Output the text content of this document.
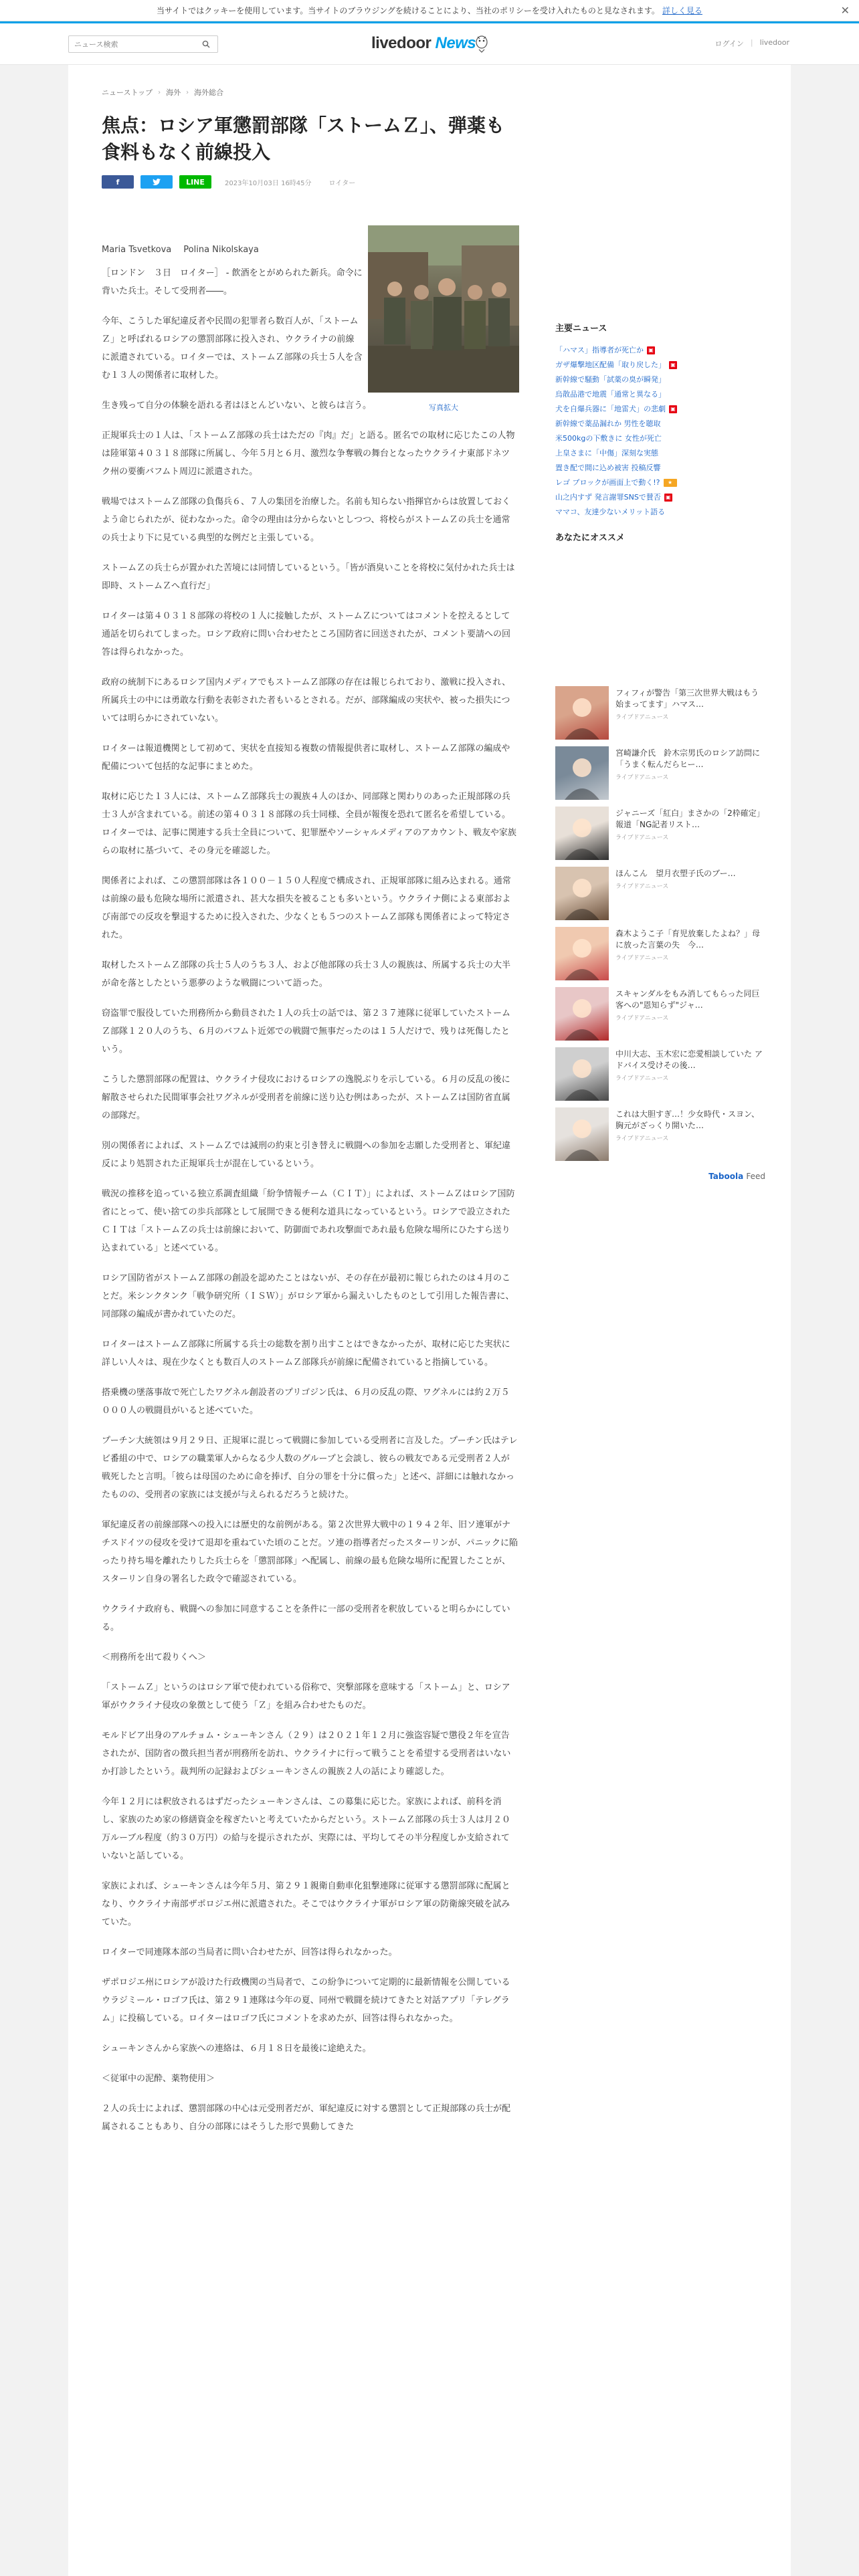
当サイトではクッキーを使用しています。当サイトのブラウジングを続けることにより、当社のポリシーを受け入れたものと見なされます。 詳しく見る	✕
ニュース検索
livedoor News	ログイン | livedoor
ニューストップ › 海外 › 海外総合
焦点：ロシア軍懲罰部隊「ストームＺ」、弾薬も食料もなく前線投入
f	LINE	2023年10月03日 16時45分	ロイター
Maria Tsvetkova Polina Nikolskaya
写真拡大

［ロンドン　３日　ロイター］ - 飲酒をとがめられた新兵。命令に背いた兵士。そして受刑者――。

今年、こうした軍紀違反者や民間の犯罪者ら数百人が、「ストームＺ」と呼ばれるロシアの懲罰部隊に投入され、ウクライナの前線に派遣されている。ロイターでは、ストームＺ部隊の兵士５人を含む１３人の関係者に取材した。

生き残って自分の体験を語れる者はほとんどいない、と彼らは言う。

正規軍兵士の１人は、「ストームＺ部隊の兵士はただの『肉』だ」と語る。匿名での取材に応じたこの人物は陸軍第４０３１８部隊に所属し、今年５月と６月、激烈な争奪戦の舞台となったウクライナ東部ドネツク州の要衝バフムト周辺に派遣された。

戦場ではストームＺ部隊の負傷兵６、７人の集団を治療した。名前も知らない指揮官からは放置しておくよう命じられたが、従わなかった。命令の理由は分からないとしつつ、将校らがストームＺの兵士を通常の兵士より下に見ている典型的な例だと主張している。

ストームＺの兵士らが置かれた苦境には同情しているという。「皆が酒臭いことを将校に気付かれた兵士は即時、ストームＺへ直行だ」

ロイターは第４０３１８部隊の将校の１人に接触したが、ストームＺについてはコメントを控えるとして通話を切られてしまった。ロシア政府に問い合わせたところ国防省に回送されたが、コメント要請への回答は得られなかった。

政府の統制下にあるロシア国内メディアでもストームＺ部隊の存在は報じられており、激戦に投入され、所属兵士の中には勇敢な行動を表彰された者もいるとされる。だが、部隊編成の実状や、被った損失については明らかにされていない。

ロイターは報道機関として初めて、実状を直接知る複数の情報提供者に取材し、ストームＺ部隊の編成や配備について包括的な記事にまとめた。

取材に応じた１３人には、ストームＺ部隊兵士の親族４人のほか、同部隊と関わりのあった正規部隊の兵士３人が含まれている。前述の第４０３１８部隊の兵士同様、全員が報復を恐れて匿名を希望している。ロイターでは、記事に関連する兵士全員について、犯罪歴やソーシャルメディアのアカウント、戦友や家族らの取材に基づいて、その身元を確認した。

関係者によれば、この懲罰部隊は各１００－１５０人程度で構成され、正規軍部隊に組み込まれる。通常は前線の最も危険な場所に派遣され、甚大な損失を被ることも多いという。ウクライナ側による東部および南部での反攻を撃退するために投入された、少なくとも５つのストームＺ部隊も関係者によって特定された。

取材したストームＺ部隊の兵士５人のうち３人、および他部隊の兵士３人の親族は、所属する兵士の大半が命を落としたという悪夢のような戦闘について語った。

窃盗罪で服役していた刑務所から動員された１人の兵士の話では、第２３７連隊に従軍していたストームＺ部隊１２０人のうち、６月のバフムト近郊での戦闘で無事だったのは１５人だけで、残りは死傷したという。

こうした懲罰部隊の配置は、ウクライナ侵攻におけるロシアの逸脱ぶりを示している。６月の反乱の後に解散させられた民間軍事会社ワグネルが受刑者を前線に送り込む例はあったが、ストームＺは国防省直属の部隊だ。

別の関係者によれば、ストームＺでは減刑の約束と引き替えに戦闘への参加を志願した受刑者と、軍紀違反により処罰された正規軍兵士が混在しているという。

戦況の推移を追っている独立系調査組織「紛争情報チーム（ＣＩＴ）」によれば、ストームＺはロシア国防省にとって、使い捨ての歩兵部隊として展開できる便利な道具になっているという。ロシアで設立されたＣＩＴは「ストームＺの兵士は前線において、防御面であれ攻撃面であれ最も危険な場所にひたすら送り込まれている」と述べている。

ロシア国防省がストームＺ部隊の創設を認めたことはないが、その存在が最初に報じられたのは４月のことだ。米シンクタンク「戦争研究所（ＩＳＷ）」がロシア軍から漏えいしたものとして引用した報告書に、同部隊の編成が書かれていたのだ。

ロイターはストームＺ部隊に所属する兵士の総数を割り出すことはできなかったが、取材に応じた実状に詳しい人々は、現在少なくとも数百人のストームＺ部隊兵が前線に配備されていると指摘している。

搭乗機の墜落事故で死亡したワグネル創設者のプリゴジン氏は、６月の反乱の際、ワグネルには約２万５０００人の戦闘員がいると述べていた。

プーチン大統領は９月２９日、正規軍に混じって戦闘に参加している受刑者に言及した。プーチン氏はテレビ番組の中で、ロシアの職業軍人からなる少人数のグループと会談し、彼らの戦友である元受刑者２人が戦死したと言明。「彼らは母国のために命を捧げ、自分の罪を十分に償った」と述べ、詳細には触れなかったものの、受刑者の家族には支援が与えられるだろうと続けた。

軍紀違反者の前線部隊への投入には歴史的な前例がある。第２次世界大戦中の１９４２年、旧ソ連軍がナチスドイツの侵攻を受けて退却を重ねていた頃のことだ。ソ連の指導者だったスターリンが、パニックに陥ったり持ち場を離れたりした兵士らを「懲罰部隊」へ配属し、前線の最も危険な場所に配置したことが、スターリン自身の署名した政令で確認されている。

ウクライナ政府も、戦闘への参加に同意することを条件に一部の受刑者を釈放していると明らかにしている。

＜刑務所を出て殺りくへ＞

「ストームＺ」というのはロシア軍で使われている俗称で、突撃部隊を意味する「ストーム」と、ロシア軍がウクライナ侵攻の象徴として使う「Ｚ」を組み合わせたものだ。

モルドビア出身のアルチョム・シューキンさん（２９）は２０２１年１２月に強盗容疑で懲役２年を宣告されたが、国防省の徴兵担当者が刑務所を訪れ、ウクライナに行って戦うことを希望する受刑者はいないか打診したという。裁判所の記録およびシューキンさんの親族２人の話により確認した。

今年１２月には釈放されるはずだったシューキンさんは、この募集に応じた。家族によれば、前科を消し、家族のため家の修繕資金を稼ぎたいと考えていたからだという。ストームＺ部隊の兵士３人は月２０万ルーブル程度（約３０万円）の給与を提示されたが、実際には、平均してその半分程度しか支給されていないと話している。

家族によれば、シューキンさんは今年５月、第２９１親衛自動車化狙撃連隊に従軍する懲罰部隊に配属となり、ウクライナ南部ザポロジエ州に派遣された。そこではウクライナ軍がロシア軍の防衛線突破を試みていた。

ロイターで同連隊本部の当局者に問い合わせたが、回答は得られなかった。

ザポロジエ州にロシアが設けた行政機関の当局者で、この紛争について定期的に最新情報を公開しているウラジミール・ロゴフ氏は、第２９１連隊は今年の夏、同州で戦闘を続けてきたと対話アプリ「テレグラム」に投稿している。ロイターはロゴフ氏にコメントを求めたが、回答は得られなかった。

シューキンさんから家族への連絡は、６月１８日を最後に途絶えた。

＜従軍中の泥酔、薬物使用＞

２人の兵士によれば、懲罰部隊の中心は元受刑者だが、軍紀違反に対する懲罰として正規部隊の兵士が配属されることもあり、自分の部隊にはそうした形で異動してきた

主要ニュース
「ハマス」指導者が死亡か ▣
ガザ爆撃地区配備「取り戻した」 ▣
新幹線で騒動「試薬の臭が瞬発」
烏散品港で地震「通常と異なる」
犬を自爆兵器に「地雷犬」の悲劇 ▣
新幹線で薬品漏れか 男性を聴取
米500kgの下敷きに 女性が死亡
上皇さまに「中傷」深刻な実態
置き配で間に込め被害 投稿反響
レゴ ブロックが画面上で動く!?	★
山之内すず 発言謝罪SNSで賛否 ▣
ママコ、友達少ないメリット語る
あなたにオススメ
フィフィが警告「第三次世界大戦はもう始まってます」ハマス…
ライブドアニュース
宮崎謙介氏　鈴木宗男氏のロシア訪問に「うまく転んだらヒー…
ライブドアニュース
ジャニーズ「紅白」まさかの「2枠確定」報道「NG記者リスト…
ライブドアニュース
ほんこん　望月衣塑子氏のブー…
ライブドアニュース
森木ようこ子「育児放棄したよね？」母に放った言葉の失　今…
ライブドアニュース
スキャンダルをもみ消してもらった同巨客への"恩知らず"ジャ…
ライブドアニュース
中川大志、玉木宏に恋愛相談していた アドバイス受けその後…
ライブドアニュース
これは大胆すぎ…！少女時代・スヨン、胸元がざっくり開いた…
ライブドアニュース
Taboola Feed
